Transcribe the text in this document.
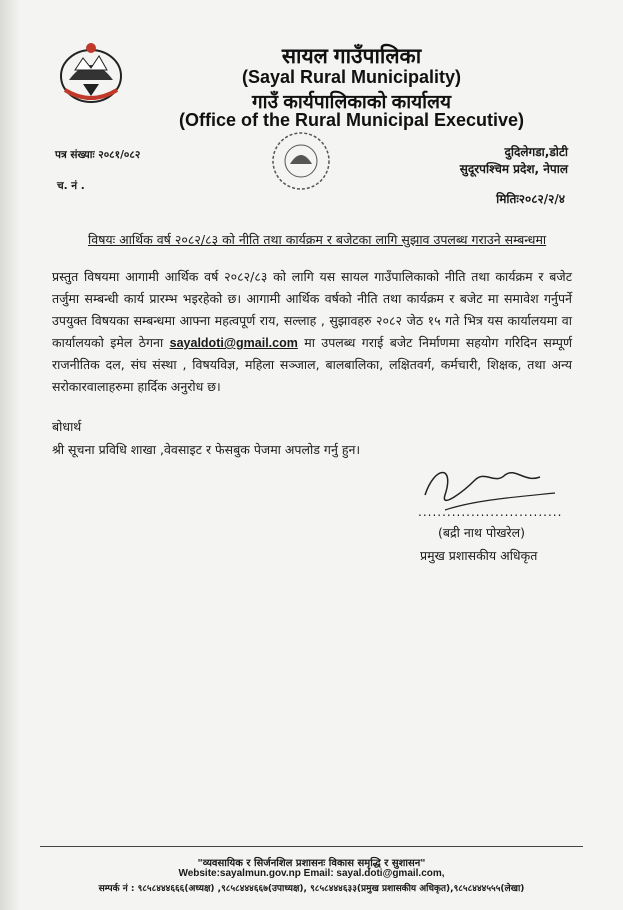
सायल गाउँपालिका
(Sayal Rural Municipality)
गाउँ कार्यपालिकाको कार्यालय
(Office of the Rural Municipal Executive)
पत्र संख्याः २०८१/०८२
च. नं .
दुदिलेगडा,डोटी
सुदूरपश्चिम प्रदेश, नेपाल
मितिः२०८२/२/४
विषयः आर्थिक वर्ष २०८२/८३ को नीति तथा कार्यक्रम र बजेटका लागि सुझाव उपलब्ध गराउने सम्बन्धमा
प्रस्तुत विषयमा आगामी आर्थिक वर्ष २०८२/८३ को लागि यस सायल गाउँपालिकाको नीति तथा कार्यक्रम र बजेट तर्जुमा सम्बन्धी कार्य प्रारम्भ भइरहेको छ। आगामी आर्थिक वर्षको नीति तथा कार्यक्रम र बजेट मा समावेश गर्नुपर्ने उपयुक्त विषयका सम्बन्धमा आफ्ना महत्वपूर्ण राय, सल्लाह , सुझावहरु २०८२ जेठ १५ गते भित्र यस कार्यालयमा वा कार्यालयको इमेल ठेगना sayaldoti@gmail.com मा उपलब्ध गराई बजेट निर्माणमा सहयोग गरिदिन सम्पूर्ण राजनीतिक दल, संघ संस्था , विषयविज्ञ, महिला सञ्जाल, बालबालिका, लक्षितवर्ग, कर्मचारी, शिक्षक, तथा अन्य सरोकारवालाहरुमा हार्दिक अनुरोध छ।
बोधार्थ
श्री सूचना प्रविधि शाखा ,वेवसाइट र फेसबुक पेजमा अपलोड गर्नु हुन।
..............................
(बद्री नाथ पोखरेल)
प्रमुख प्रशासकीय अधिकृत
"व्यवसायिक र सिर्जनशिल प्रशासनः विकास समृद्धि र सुशासन"
Website:sayalmun.gov.np Email: sayal.doti@gmail.com,
सम्पर्क नं : ९८५८४४४६६६(अध्यक्ष) ,९८५८४४४६६७(उपाध्यक्ष), ९८५८४४४६३३(प्रमुख प्रशासकीय अधिकृत),९८५८४४४५५५(लेखा)
